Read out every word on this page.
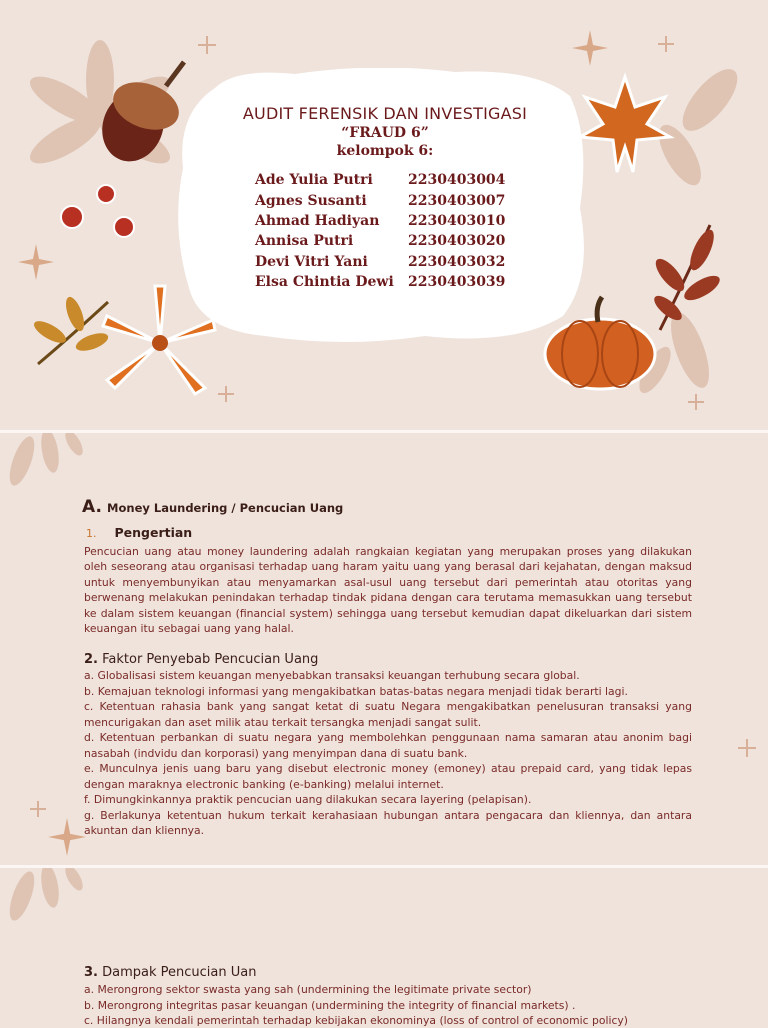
AUDIT FERENSIK DAN INVESTIGASI
“FRAUD 6”
kelompok 6:
Ade Yulia Putri	2230403004
Agnes Susanti	2230403007
Ahmad Hadiyan	2230403010
Annisa Putri	2230403020
Devi Vitri Yani	2230403032
Elsa Chintia Dewi	2230403039
A. Money Laundering / Pencucian Uang
1. Pengertian
Pencucian uang atau money laundering adalah rangkaian kegiatan yang merupakan proses yang dilakukan oleh seseorang atau organisasi terhadap uang haram yaitu uang yang berasal dari kejahatan, dengan maksud untuk menyembunyikan atau menyamarkan asal-usul uang tersebut dari pemerintah atau otoritas yang berwenang melakukan penindakan terhadap tindak pidana dengan cara terutama memasukkan uang tersebut ke dalam sistem keuangan (financial system) sehingga uang tersebut kemudian dapat dikeluarkan dari sistem keuangan itu sebagai uang yang halal.
2. Faktor Penyebab Pencucian Uang
a. Globalisasi sistem keuangan menyebabkan transaksi keuangan terhubung secara global.
b. Kemajuan teknologi informasi yang mengakibatkan batas-batas negara menjadi tidak berarti lagi.
c. Ketentuan rahasia bank yang sangat ketat di suatu Negara mengakibatkan penelusuran transaksi yang mencurigakan dan aset milik atau terkait tersangka menjadi sangat sulit.
d. Ketentuan perbankan di suatu negara yang membolehkan penggunaan nama samaran atau anonim bagi nasabah (indvidu dan korporasi) yang menyimpan dana di suatu bank.
e. Munculnya jenis uang baru yang disebut electronic money (emoney) atau prepaid card, yang tidak lepas dengan maraknya electronic banking (e-banking) melalui internet.
f. Dimungkinkannya praktik pencucian uang dilakukan secara layering (pelapisan).
g. Berlakunya ketentuan hukum terkait kerahasiaan hubungan antara pengacara dan kliennya, dan antara akuntan dan kliennya.
3. Dampak Pencucian Uan
a. Merongrong sektor swasta yang sah (undermining the legitimate private sector)
b. Merongrong integritas pasar keuangan (undermining the integrity of financial markets) .
c. Hilangnya kendali pemerintah terhadap kebijakan ekonominya (loss of control of economic policy)
